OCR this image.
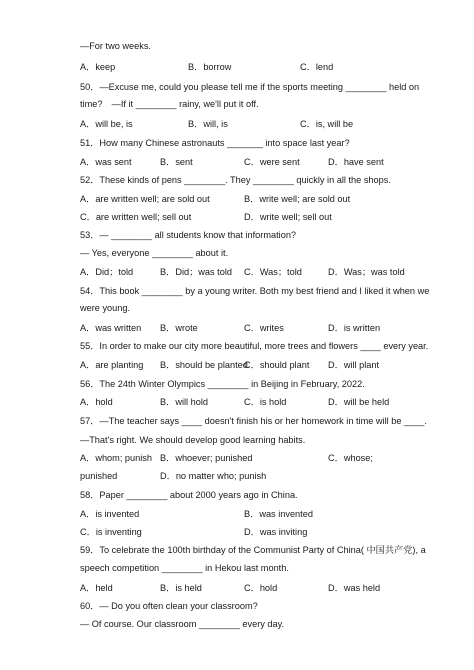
—For two weeks.
A．keep	B．borrow	C．lend
50．—Excuse me, could you please tell me if the sports meeting ________ held on
time?　—If it ________ rainy, we'll put it off.
A．will be, is	B．will, is	C．is, will be
51．How many Chinese astronauts _______ into space last year?
A．was sent	B．sent	C．were sent	D．have sent
52．These kinds of pens ________. They ________ quickly in all the shops.
A．are written well; are sold out	B．write well; are sold out
C．are written well; sell out	D．write well; sell out
53．— ________ all students know that information?
— Yes, everyone ________ about it.
A．Did；told	B．Did；was told C．Was；told	D．Was；was told
54．This book ________ by a young writer. Both my best friend and I liked it when we
were young.
A．was written B．wrote	C．writes	D．is written
55．In order to make our city more beautiful, more trees and flowers ____ every year.
A．are planting B．should be planted
C．should plant D．will plant
56．The 24th Winter Olympics ________ in Beijing in February, 2022.
A．hold	B．will hold	C．is hold	D．will be held
57．—The teacher says ____ doesn't finish his or her homework in time will be ____.
—That's right. We should develop good learning habits.
A．whom; punish B．whoever; punished	C．whose;
punished	D．no matter who; punish
58．Paper ________ about 2000 years ago in China.
A．is invented	B．was invented
C．is inventing	D．was inviting
59．To celebrate the 100th birthday of the Communist Party of China( 中国共产党), a
speech competition ________ in Hekou last month.
A．held	B．is held	C．hold	D．was held
60．— Do you often clean your classroom?
— Of course. Our classroom ________ every day.
